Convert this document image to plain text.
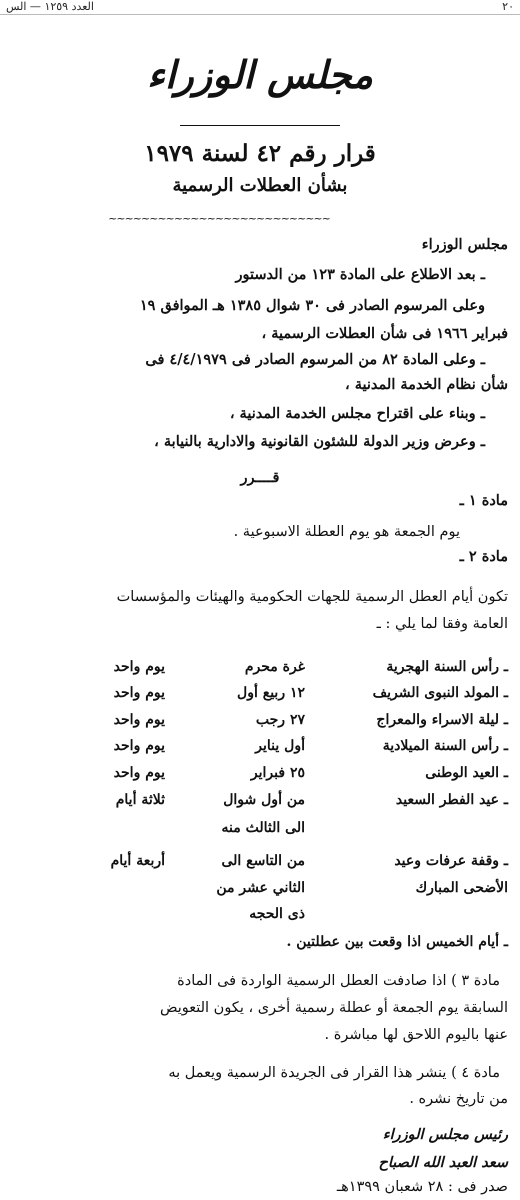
٢٠
العدد ١٢٥٩ — الس
مجلس الوزراء
قرار رقم ٤٢ لسنة ١٩٧٩
بشأن العطلات الرسمية
~~~~~~~~~~~~~~~~~~~~~~~~~~~
مجلس الوزراء
ـ بعد الاطلاع على المادة ١٢٣ من الدستور
وعلى المرسوم الصادر فى ٣٠ شوال ١٣٨٥ هـ الموافق ١٩
فبراير ١٩٦٦ فى شأن العطلات الرسمية ،
ـ وعلى المادة ٨٢ من المرسوم الصادر فى ٤/٤/١٩٧٩ فى
شأن نظام الخدمة المدنية ،
ـ وبناء على اقتراح مجلس الخدمة المدنية ،
ـ وعرض وزير الدولة للشئون القانونية والادارية بالنيابة ،
قــــرر
مادة ١ ـ
يوم الجمعة هو يوم العطلة الاسبوعية .
مادة ٢ ـ
تكون أيام العطل الرسمية للجهات الحكومية والهيئات والمؤسسات
العامة وفقا لما يلي : ـ
ـ رأس السنة الهجرية
غرة محرم
يوم واحد
ـ المولد النبوى الشريف
١٢ ربيع أول
يوم واحد
ـ ليلة الاسراء والمعراج
٢٧ رجب
يوم واحد
ـ رأس السنة الميلادية
أول يناير
يوم واحد
ـ العيد الوطنى
٢٥ فبراير
يوم واحد
ـ عيد الفطر السعيد
من أول شوال
ثلاثة أيام
الى الثالث منه
ـ وقفة عرفات وعيد
من التاسع الى
أربعة أيام
الأضحى المبارك
الثاني عشر من
ذى الحجه
ـ أيام الخميس اذا وقعت بين عطلتين .
مادة ٣ ) اذا صادفت العطل الرسمية الواردة فى المادة
السابقة يوم الجمعة أو عطلة رسمية أخرى ، يكون التعويض
عنها باليوم اللاحق لها مباشرة .
مادة ٤ ) ينشر هذا القرار فى الجريدة الرسمية ويعمل به
من تاريخ نشره .
رئيس مجلس الوزراء
سعد العبد الله الصباح
صدر فى : ٢٨ شعبان ١٣٩٩هـ
